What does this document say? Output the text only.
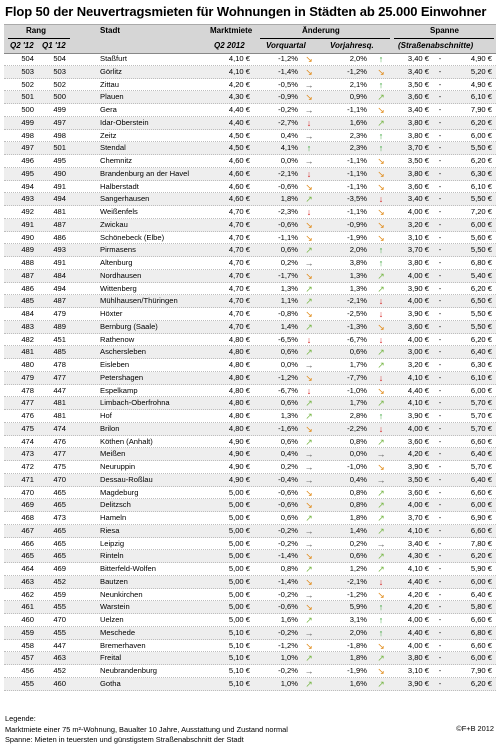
Flop 50 der Neuvertragsmieten für Wohnungen in Städten ab 25.000 Einwohner
Rang
Q2 '12 Q1 '12
Stadt	Marktmiete
Q2 2012
Änderung
Vorquartal	Vorjahresq.
Spanne
(Straßenabschnitte)
504	504	Staßfurt	4,10 €	-1,2% ↘	2,0%	↑	3,40 €	-	4,90 €
503	503	Görlitz	4,10 €	-1,4% ↘	-1,2% ↘	3,40 €	-	5,20 €
502	502	Zittau	4,20 €	-0,5% →	2,1%	↑	3,50 €	-	4,90 €
501	500	Plauen	4,30 €	-0,9% ↘	0,9% ↗	3,60 €	-	6,10 €
500	499	Gera	4,40 €	-0,2% →	-1,1% ↘	3,40 €	-	7,90 €
499	497	Idar-Oberstein	4,40 €	-2,7% ↓	1,6% ↗	3,80 €	-	6,20 €
498	498	Zeitz	4,50 €	0,4% →	2,3%	↑	3,80 €	-	6,00 €
497	501	Stendal	4,50 €	4,1% ↑	2,3%	↑	3,70 €	-	5,50 €
496	495	Chemnitz	4,60 €	0,0% →	-1,1% ↘	3,50 €	-	6,20 €
495	490	Brandenburg an der Havel	4,60 €	-2,1% ↓	-1,1% ↘	3,80 €	-	6,30 €
494	491	Halberstadt	4,60 €	-0,6% ↘	-1,1% ↘	3,60 €	-	6,10 €
493	494	Sangerhausen	4,60 €	1,8% ↗	-3,5%	↓	3,40 €	-	5,50 €
492	481	Weißenfels	4,70 €	-2,3% ↓	-1,1% ↘	4,00 €	-	7,20 €
491	487	Zwickau	4,70 €	-0,6% ↘	-0,9% ↘	3,20 €	-	6,00 €
490	486	Schönebeck (Elbe)	4,70 €	-1,1% ↘	-1,9% ↘	3,10 €	-	5,60 €
489	493	Pirmasens	4,70 €	0,6% ↗	2,0%	↑	3,70 €	-	5,50 €
488	491	Altenburg	4,70 €	0,2% →	3,8%	↑	3,80 €	-	6,80 €
487	484	Nordhausen	4,70 €	-1,7% ↘	1,3% ↗	4,00 €	-	5,40 €
486	494	Wittenberg	4,70 €	1,3% ↗	1,3% ↗	3,90 €	-	6,20 €
485	487	Mühlhausen/Thüringen	4,70 €	1,1% ↗	-2,1%	↓	4,00 €	-	6,50 €
484	479	Höxter	4,70 €	-0,8% ↘	-2,5%	↓	3,90 €	-	5,50 €
483	489	Bernburg (Saale)	4,70 €	1,4% ↗	-1,3% ↘	3,60 €	-	5,50 €
482	451	Rathenow	4,80 €	-6,5% ↓	-6,7%	↓	4,00 €	-	6,20 €
481	485	Aschersleben	4,80 €	0,6% ↗	0,6% ↗	3,00 €	-	6,40 €
480	478	Eisleben	4,80 €	0,0% →	1,7% ↗	3,20 €	-	6,30 €
479	477	Petershagen	4,80 €	-1,2% ↘	-7,7%	↓	4,10 €	-	6,10 €
478	447	Espelkamp	4,80 €	-6,7% ↓	-1,0% ↘	4,40 €	-	6,00 €
477	481	Limbach-Oberfrohna	4,80 €	0,6% ↗	1,7% ↗	4,10 €	-	5,70 €
476	481	Hof	4,80 €	1,3% ↗	2,8%	↑	3,90 €	-	5,70 €
475	474	Brilon	4,80 €	-1,6% ↘	-2,2%	↓	4,00 €	-	5,70 €
474	476	Köthen (Anhalt)	4,90 €	0,6% ↗	0,8% ↗	3,60 €	-	6,60 €
473	477	Meißen	4,90 €	0,4% →	0,0% →	4,20 €	-	6,40 €
472	475	Neuruppin	4,90 €	0,2% →	-1,0% ↘	3,90 €	-	5,70 €
471	470	Dessau-Roßlau	4,90 €	-0,4% →	0,4% →	3,50 €	-	6,40 €
470	465	Magdeburg	5,00 €	-0,6% ↘	0,8% ↗	3,60 €	-	6,60 €
469	465	Delitzsch	5,00 €	-0,6% ↘	0,8% ↗	4,00 €	-	6,00 €
468	473	Hameln	5,00 €	0,6% ↗	1,8% ↗	3,70 €	-	6,90 €
467	465	Riesa	5,00 €	-0,2% →	1,4% ↗	4,10 €	-	6,60 €
466	465	Leipzig	5,00 €	-0,2% →	0,2% →	3,40 €	-	7,80 €
465	465	Rinteln	5,00 €	-1,4% ↘	0,6% ↗	4,30 €	-	6,20 €
464	469	Bitterfeld-Wolfen	5,00 €	0,8% ↗	1,2% ↗	4,10 €	-	5,90 €
463	452	Bautzen	5,00 €	-1,4% ↘	-2,1%	↓	4,40 €	-	6,00 €
462	459	Neunkirchen	5,00 €	-0,2% →	-1,2% ↘	4,20 €	-	6,40 €
461	455	Warstein	5,00 €	-0,6% ↘	5,9%	↑	4,20 €	-	5,80 €
460	470	Uelzen	5,00 €	1,6% ↗	3,1%	↑	4,00 €	-	6,60 €
459	455	Meschede	5,10 €	-0,2% →	2,0%	↑	4,40 €	-	6,80 €
458	447	Bremerhaven	5,10 €	-1,2% ↘	-1,8% ↘	4,00 €	-	6,60 €
457	463	Freital	5,10 €	1,0% ↗	1,8% ↗	3,80 €	-	6,00 €
456	452	Neubrandenburg	5,10 €	-0,2% →	-1,9% ↘	3,10 €	-	7,90 €
455	460	Gotha	5,10 €	1,0% ↗	1,6% ↗	3,90 €	-	6,20 €
Legende:
Marktmiete einer 75 m²-Wohnung, Baualter 10 Jahre, Ausstattung und Zustand normal
Spanne: Mieten in teuersten und günstigstem Straßenabschnitt der Stadt
©F+B 2012
